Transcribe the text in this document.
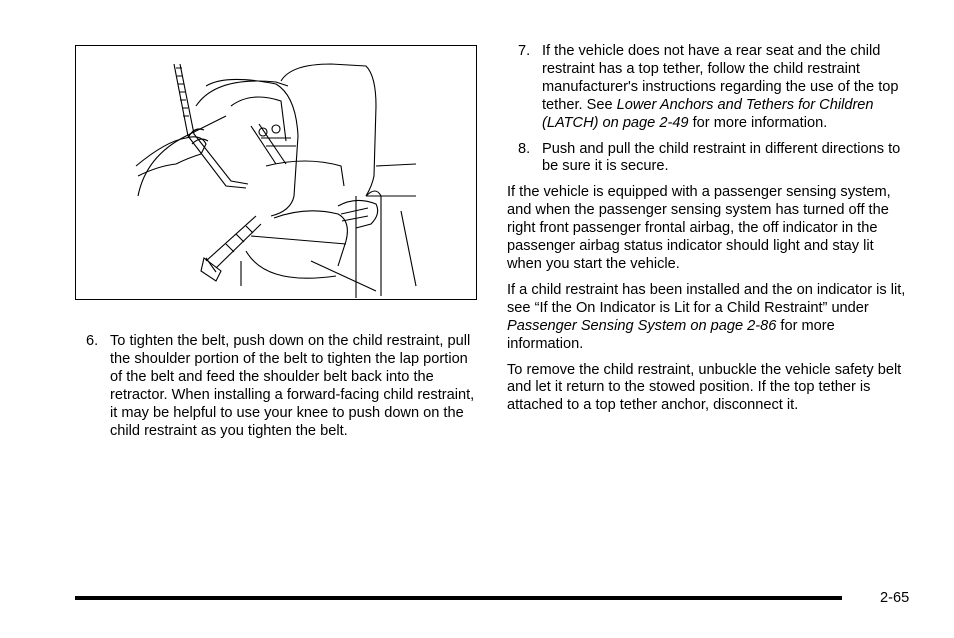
6. To tighten the belt, push down on the child restraint, pull the shoulder portion of the belt to tighten the lap portion of the belt and feed the shoulder belt back into the retractor. When installing a forward-facing child restraint, it may be helpful to use your knee to push down on the child restraint as you tighten the belt.
7. If the vehicle does not have a rear seat and the child restraint has a top tether, follow the child restraint manufacturer's instructions regarding the use of the top tether. See Lower Anchors and Tethers for Children (LATCH) on page 2-49 for more information.
8. Push and pull the child restraint in different directions to be sure it is secure.

If the vehicle is equipped with a passenger sensing system, and when the passenger sensing system has turned off the right front passenger frontal airbag, the off indicator in the passenger airbag status indicator should light and stay lit when you start the vehicle.

If a child restraint has been installed and the on indicator is lit, see “If the On Indicator is Lit for a Child Restraint” under Passenger Sensing System on page 2-86 for more information.

To remove the child restraint, unbuckle the vehicle safety belt and let it return to the stowed position. If the top tether is attached to a top tether anchor, disconnect it.

2-65
